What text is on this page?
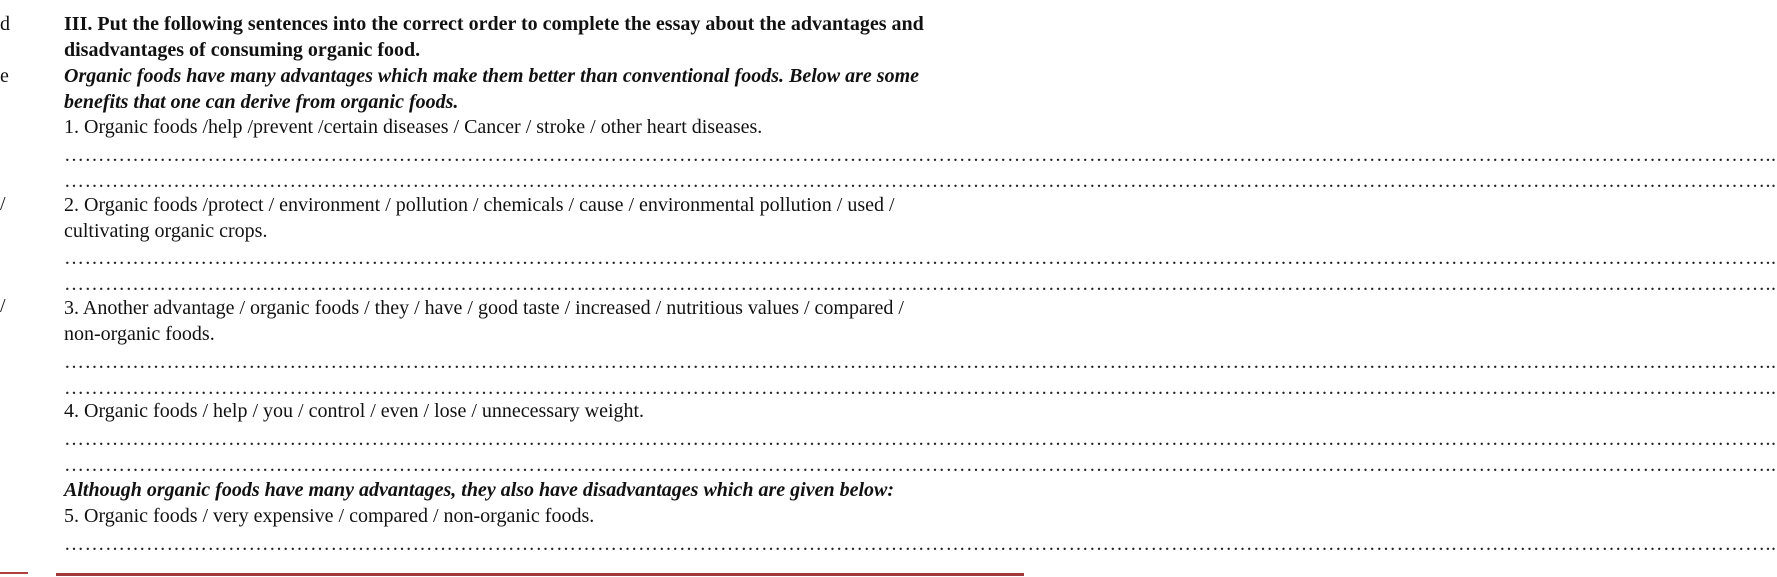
d
e
/
/
III. Put the following sentences into the correct order to complete the essay about the advantages and
disadvantages of consuming organic food.
Organic foods have many advantages which make them better than conventional foods. Below are some
benefits that one can derive from organic foods.
1. Organic foods /help /prevent /certain diseases / Cancer / stroke / other heart diseases.
……………………………………………………………………………………………………………………………………………………………………………………………………………………………..
……………………………………………………………………………………………………………………………………………………………………………………………………………………………..
2. Organic foods /protect / environment / pollution / chemicals / cause / environmental pollution / used /
cultivating organic crops.
……………………………………………………………………………………………………………………………………………………………………………………………………………………………..
……………………………………………………………………………………………………………………………………………………………………………………………………………………………..
3. Another advantage / organic foods / they / have / good taste / increased / nutritious values / compared /
non-organic foods.
……………………………………………………………………………………………………………………………………………………………………………………………………………………………..
……………………………………………………………………………………………………………………………………………………………………………………………………………………………..
4. Organic foods / help / you / control / even / lose / unnecessary weight.
……………………………………………………………………………………………………………………………………………………………………………………………………………………………..
……………………………………………………………………………………………………………………………………………………………………………………………………………………………..
Although organic foods have many advantages, they also have disadvantages which are given below:
5. Organic foods / very expensive / compared / non-organic foods.
……………………………………………………………………………………………………………………………………………………………………………………………………………………………..
